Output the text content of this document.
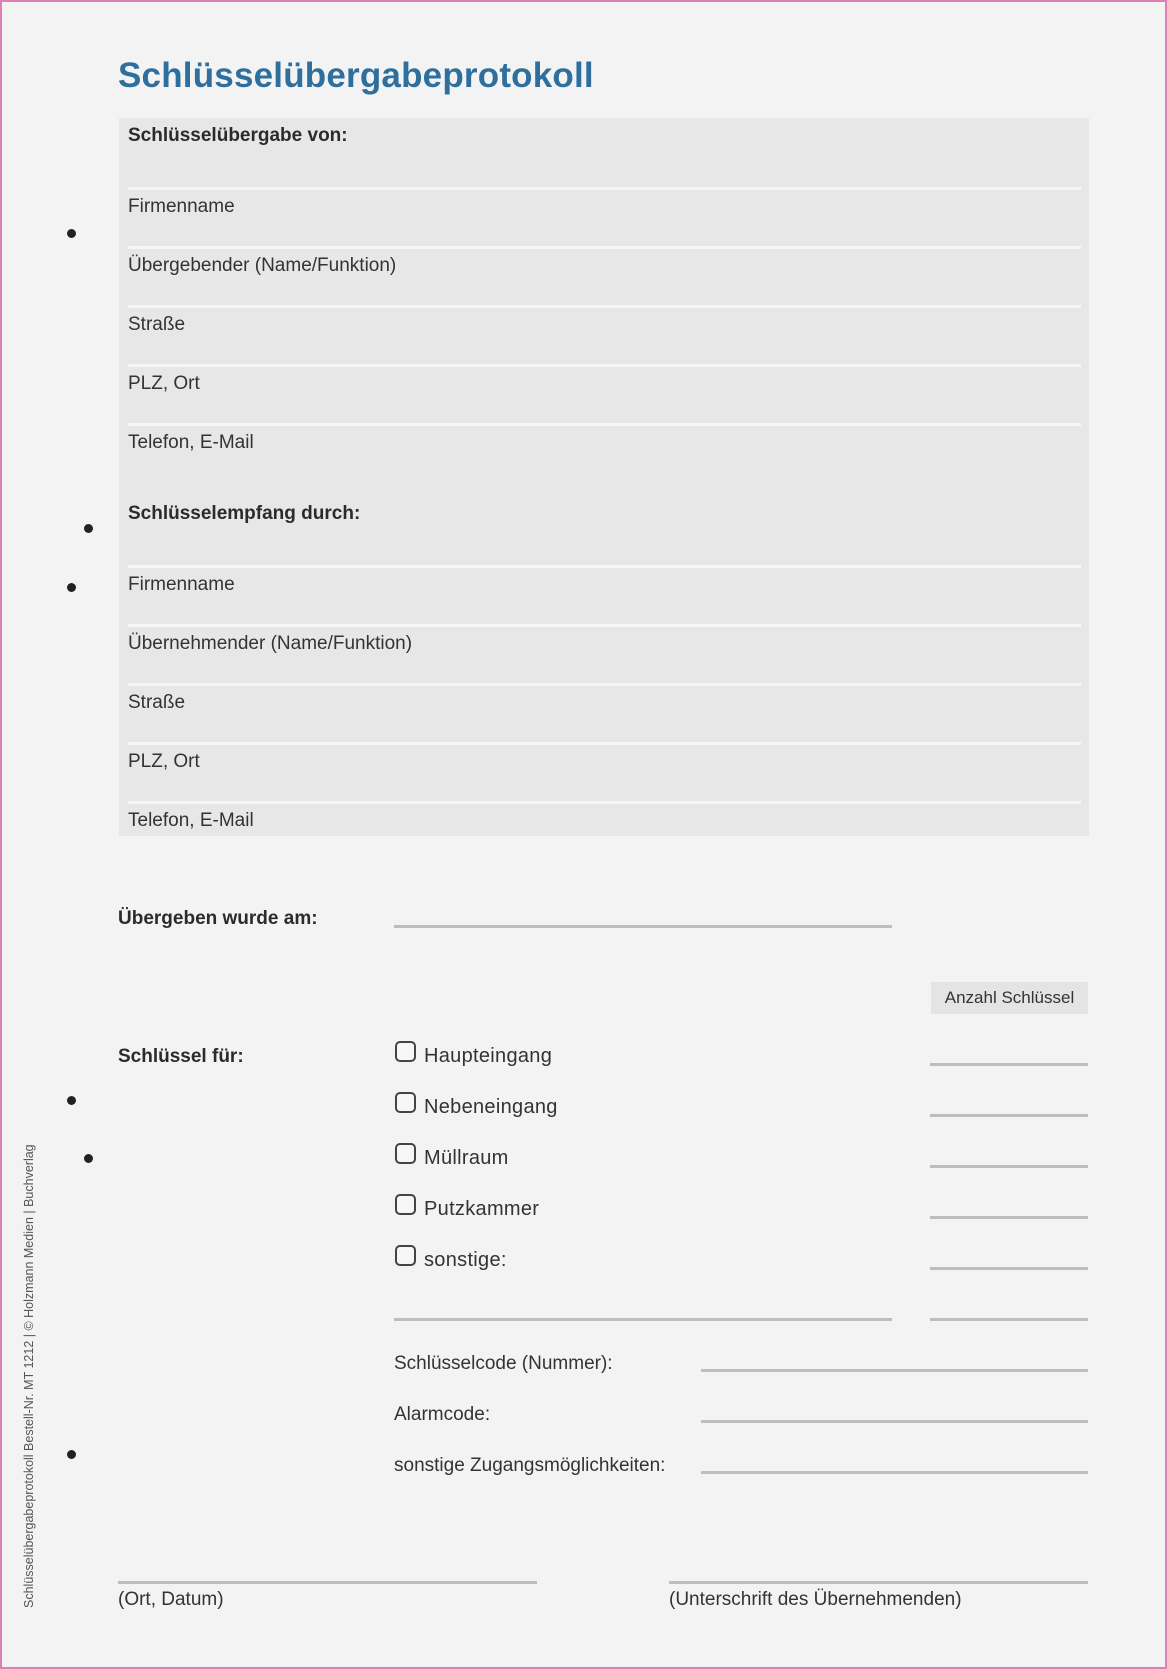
Schlüsselübergabeprotokoll
Schlüsselübergabe von:
Firmenname
Übergebender (Name/Funktion)
Straße
PLZ, Ort
Telefon, E-Mail
Schlüsselempfang durch:
Firmenname
Übernehmender (Name/Funktion)
Straße
PLZ, Ort
Telefon, E-Mail
Übergeben wurde am:
Anzahl Schlüssel
Schlüssel für:	Haupteingang
Nebeneingang
Müllraum
Putzkammer
sonstige:
Schlüsselcode (Nummer):
Alarmcode:
sonstige Zugangsmöglichkeiten:
(Ort, Datum)	(Unterschrift des Übernehmenden)
Schlüsselübergabeprotokoll Bestell-Nr. MT 1212 | © Holzmann Medien | Buchverlag
